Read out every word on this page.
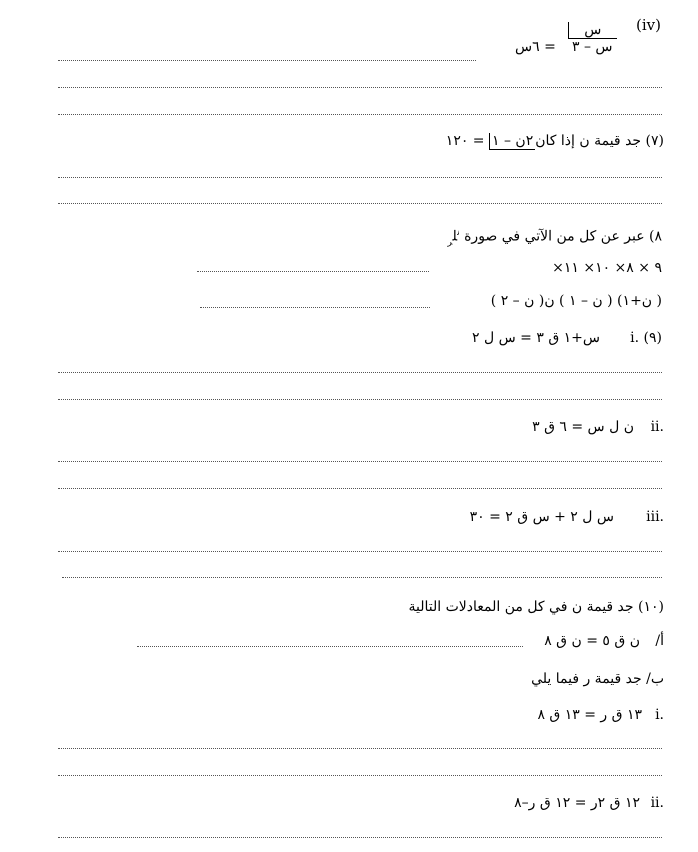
(iv)
س
س – ٣
= ٦س
(٧) جد قيمة ن إذا كان٢ن – ١ = ١٢٠
٨) عبر عن كل من الآتي في صورة $^ن$ل$_ر$
٩ × ٨× ١٠× ١١×
( ن+١) ( ن – ١ ) ن( ن – ٢ )
(٩) .i
س+١ ق ٣ = س ل ٢
.ii
ن ل س = ٦ ق ٣
.iii
س ل ٢ + س ق ٢ = ٣٠
(١٠) جد قيمة ن في كل من المعادلات التالية
أ/
ن ق ٥ = ن ق ٨
ب/ جد قيمة ر فيما يلي
.i
١٣ ق ر = ١٣ ق ٨
.ii
١٢ ق ٢ر = ١٢ ق ر–٨
